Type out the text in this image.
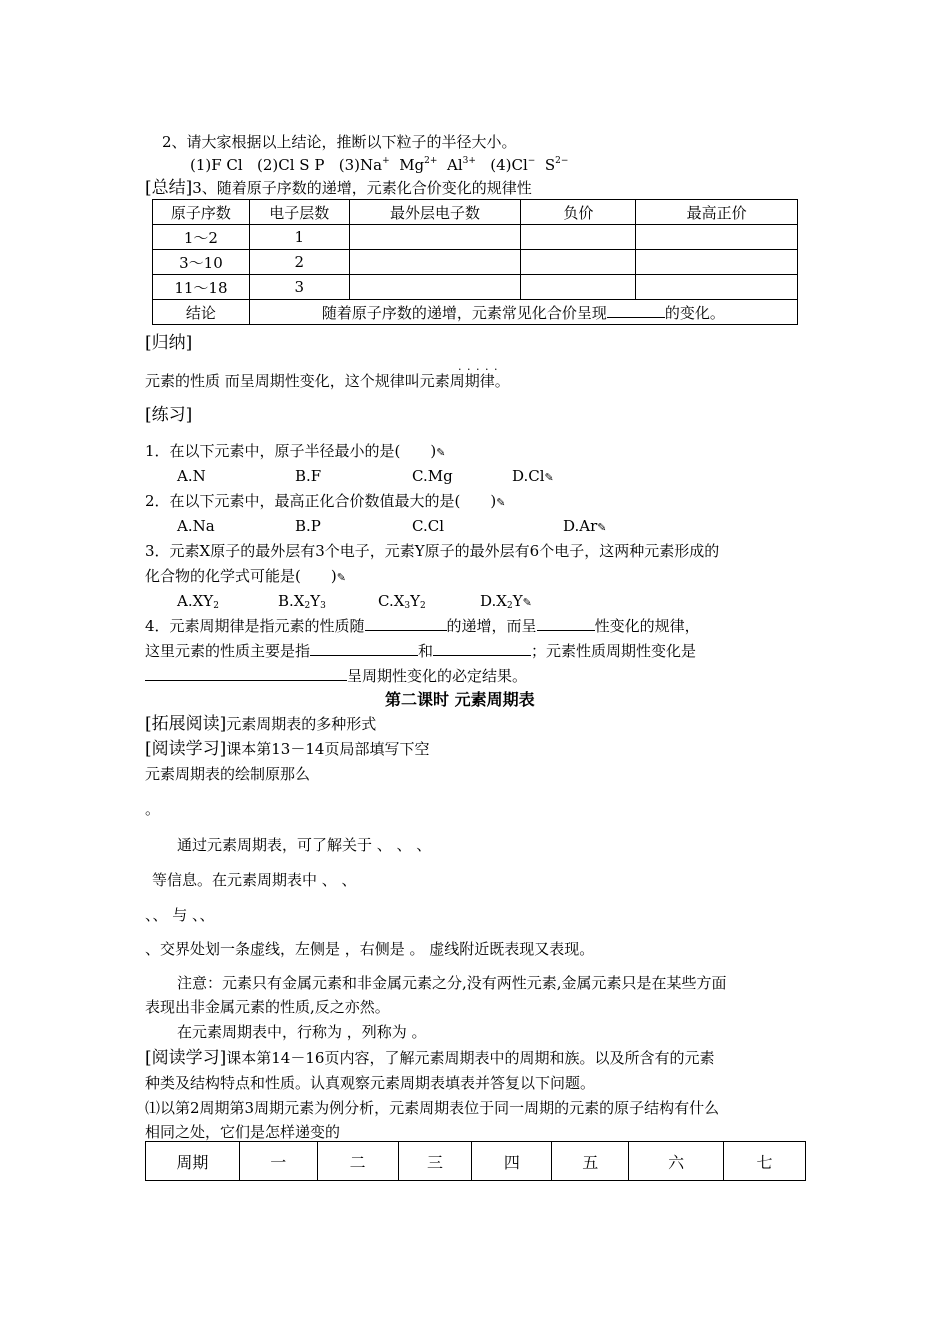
2、请大家根据以上结论，推断以下粒子的半径大小。
(1)F Cl (2)Cl S P (3)Na+ $Mg^{2+}$ $Al^{3+}$ (4)Cl− $S^{2-}$
[总结]3、随着原子序数的递增，元素化合价变化的规律性
原子序数	电子层数	最外层电子数	负价	最高正价
1～2	1			
3～10	2			
11～18	3			
结论	随着原子序数的递增，元素常见化合价呈现 的变化。			
[归纳]
. . . . .
元素的性质 而呈周期性变化，这个规律叫元素周期律。
[练习]
1．在以下元素中，原子半径最小的是(　　)✎
A.N	B.F	C.Mg	D.Cl✎
2．在以下元素中，最高正化合价数值最大的是(　　)✎
A.Na	B.P	C.Cl	D.Ar✎
3．元素X原子的最外层有3个电子，元素Y原子的最外层有6个电子，这两种元素形成的
化合物的化学式可能是(　　)✎
$A.XY_2$	$B.X_2Y_3$	$C.X_3Y_2$	$D.X_2Y✎$
4．元素周期律是指元素的性质随	的递增，而呈	性变化的规律，
这里元素的性质主要是指	和	；元素性质周期性变化是
呈周期性变化的必定结果。
第二课时 元素周期表
[拓展阅读]元素周期表的多种形式
[阅读学习]课本第13－14页局部填写下空
元素周期表的绘制原那么
。
通过元素周期表，可了解关于 、 、 、
等信息。在元素周期表中 、 、
、、 与 、、
、交界处划一条虚线，左侧是 ，右侧是 。 虚线附近既表现又表现。
注意：元素只有金属元素和非金属元素之分,没有两性元素,金属元素只是在某些方面
表现出非金属元素的性质,反之亦然。
在元素周期表中，行称为 ，列称为 。
[阅读学习]课本第14－16页内容，了解元素周期表中的周期和族。以及所含有的元素
种类及结构特点和性质。认真观察元素周期表填表并答复以下问题。
⑴以第2周期第3周期元素为例分析，元素周期表位于同一周期的元素的原子结构有什么
相同之处，它们是怎样递变的
周期	一	二	三	四	五	六	七
